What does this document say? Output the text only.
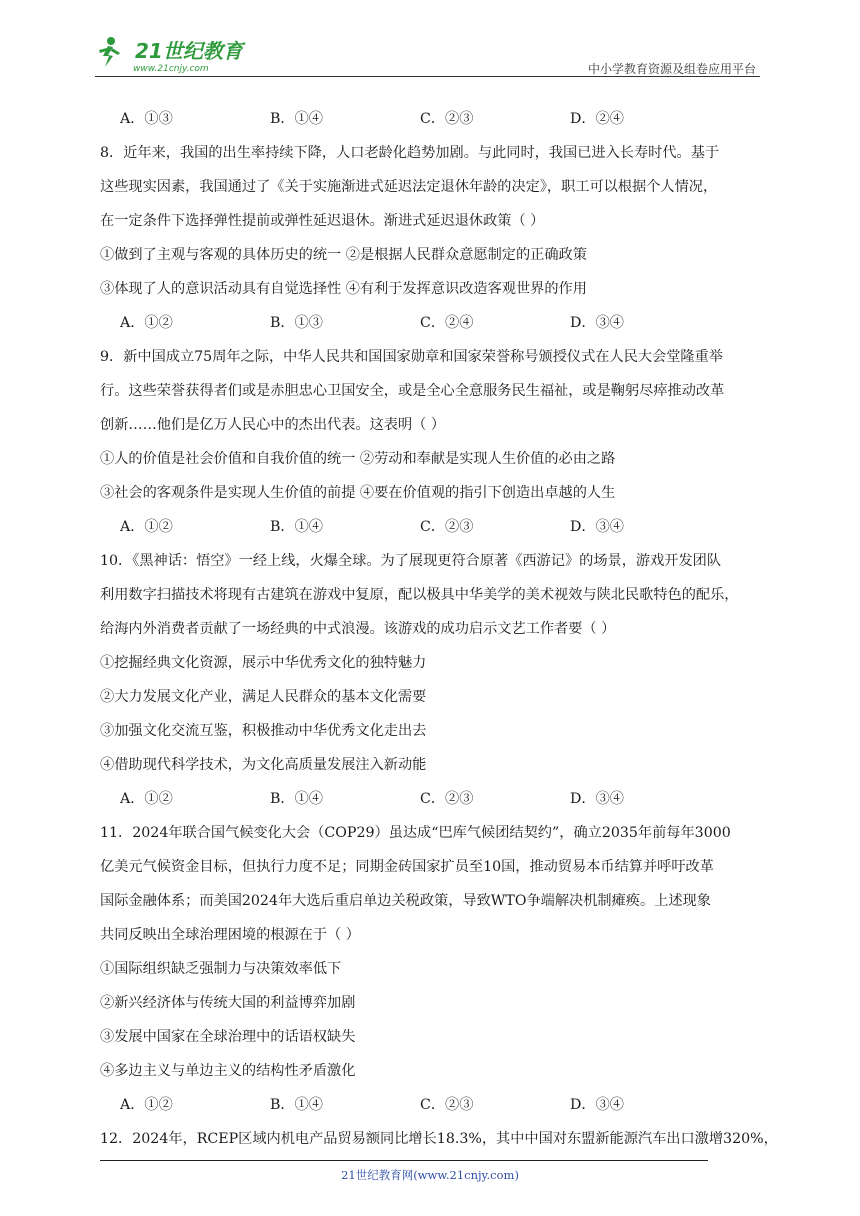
21世纪教育
www.21cnjy.com	中小学教育资源及组卷应用平台
A．①③	B．①④	C．②③	D．②④
8．近年来，我国的出生率持续下降，人口老龄化趋势加剧。与此同时，我国已进入长寿时代。基于
这些现实因素，我国通过了《关于实施渐进式延迟法定退休年龄的决定》，职工可以根据个人情况，
在一定条件下选择弹性提前或弹性延迟退休。渐进式延迟退休政策（ ）
①做到了主观与客观的具体历史的统一 ②是根据人民群众意愿制定的正确政策
③体现了人的意识活动具有自觉选择性 ④有利于发挥意识改造客观世界的作用
A．①②	B．①③	C．②④	D．③④
9．新中国成立75周年之际，中华人民共和国国家勋章和国家荣誉称号颁授仪式在人民大会堂隆重举
行。这些荣誉获得者们或是赤胆忠心卫国安全，或是全心全意服务民生福祉，或是鞠躬尽瘁推动改革
创新……他们是亿万人民心中的杰出代表。这表明（ ）
①人的价值是社会价值和自我价值的统一 ②劳动和奉献是实现人生价值的必由之路
③社会的客观条件是实现人生价值的前提 ④要在价值观的指引下创造出卓越的人生
A．①②	B．①④	C．②③	D．③④
10．《黑神话：悟空》一经上线，火爆全球。为了展现更符合原著《西游记》的场景，游戏开发团队
利用数字扫描技术将现有古建筑在游戏中复原，配以极具中华美学的美术视效与陕北民歌特色的配乐，
给海内外消费者贡献了一场经典的中式浪漫。该游戏的成功启示文艺工作者要（ ）
①挖掘经典文化资源，展示中华优秀文化的独特魅力
②大力发展文化产业，满足人民群众的基本文化需要
③加强文化交流互鉴，积极推动中华优秀文化走出去
④借助现代科学技术，为文化高质量发展注入新动能
A．①②	B．①④	C．②③	D．③④
11．2024年联合国气候变化大会（COP29）虽达成“巴库气候团结契约”，确立2035年前每年3000
亿美元气候资金目标，但执行力度不足；同期金砖国家扩员至10国，推动贸易本币结算并呼吁改革
国际金融体系；而美国2024年大选后重启单边关税政策，导致WTO争端解决机制瘫痪。上述现象
共同反映出全球治理困境的根源在于（ ）
①国际组织缺乏强制力与决策效率低下
②新兴经济体与传统大国的利益博弈加剧
③发展中国家在全球治理中的话语权缺失
④多边主义与单边主义的结构性矛盾激化
A．①②	B．①④	C．②③	D．③④
12．2024年，RCEP区域内机电产品贸易额同比增长18.3%，其中中国对东盟新能源汽车出口激增320%，
21世纪教育网(www.21cnjy.com)
